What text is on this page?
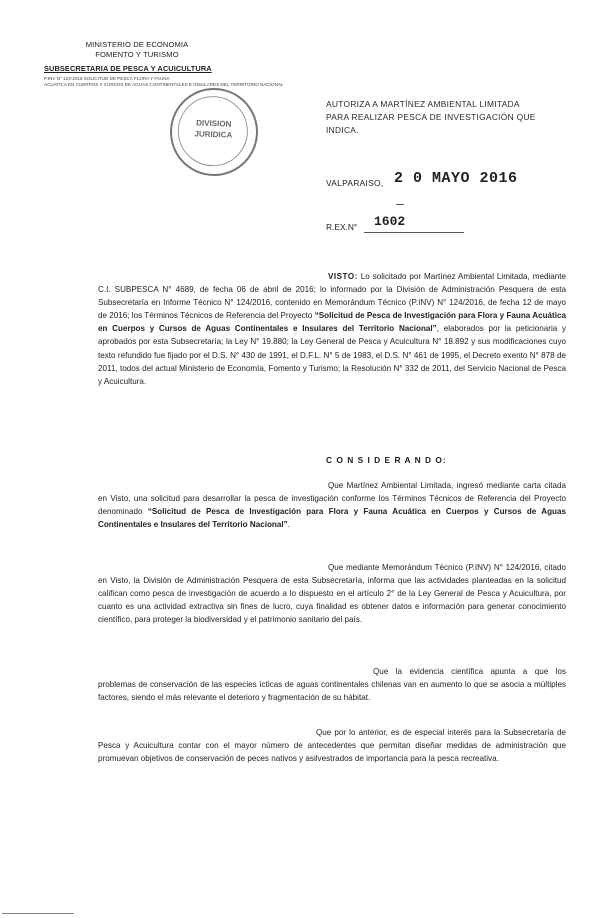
MINISTERIO DE ECONOMIA
FOMENTO Y TURISMO
SUBSECRETARIA DE PESCA Y ACUICULTURA
P.INV N° 124-2016 SOLICITUD DE PESCA FLORA Y FAUNA
ACUATICA EN CUERPOS Y CURSOS DE AGUAS CONTINENTALES E INSULARES DEL TERRITORIO NACIONAL
DIVISION
JURIDICA
AUTORIZA A MARTÍNEZ AMBIENTAL LIMITADA
PARA REALIZAR PESCA DE INVESTIGACIÓN QUE
INDICA.
VALPARAISO, 2 0 MAYO 2016
R.EX.N° 1602

VISTO: Lo solicitado por Martínez Ambiental Limitada, mediante C.I. SUBPESCA N° 4689, de fecha 06 de abril de 2016; lo informado por la División de Administración Pesquera de esta Subsecretaría en Informe Técnico N° 124/2016, contenido en Memorándum Técnico (P.INV) N° 124/2016, de fecha 12 de mayo de 2016; los Términos Técnicos de Referencia del Proyecto “Solicitud de Pesca de Investigación para Flora y Fauna Acuática en Cuerpos y Cursos de Aguas Continentales e Insulares del Territorio Nacional”, elaborados por la peticionaria y aprobados por esta Subsecretaría; la Ley N° 19.880; la Ley General de Pesca y Acuicultura N° 18.892 y sus modificaciones cuyo texto refundido fue fijado por el D.S. N° 430 de 1991, el D.F.L. N° 5 de 1983, el D.S. N° 461 de 1995, el Decreto exento N° 878 de 2011, todos del actual Ministerio de Economía, Fomento y Turismo; la Resolución N° 332 de 2011, del Servicio Nacional de Pesca y Acuicultura.

C O N S I D E R A N D O:

Que Martínez Ambiental Limitada, ingresó mediante carta citada en Visto, una solicitud para desarrollar la pesca de investigación conforme los Términos Técnicos de Referencia del Proyecto denominado “Solicitud de Pesca de Investigación para Flora y Fauna Acuática en Cuerpos y Cursos de Aguas Continentales e Insulares del Territorio Nacional”.

Que mediante Memorándum Técnico (P.INV) N° 124/2016, citado en Visto, la División de Administración Pesquera de esta Subsecretaría, informa que las actividades planteadas en la solicitud califican como pesca de investigación de acuerdo a lo dispuesto en el artículo 2° de la Ley General de Pesca y Acuicultura, por cuanto es una actividad extractiva sin fines de lucro, cuya finalidad es obtener datos e información para generar conocimiento científico, para proteger la biodiversidad y el patrimonio sanitario del país.

Que la evidencia científica apunta a que los problemas de conservación de las especies ícticas de aguas continentales chilenas van en aumento lo que se asocia a múltiples factores, siendo el más relevante el deterioro y fragmentación de su hábitat.

Que por lo anterior, es de especial interés para la Subsecretaría de Pesca y Acuicultura contar con el mayor número de antecedentes que permitan diseñar medidas de administración que promuevan objetivos de conservación de peces nativos y asilvestrados de importancia para la pesca recreativa.
